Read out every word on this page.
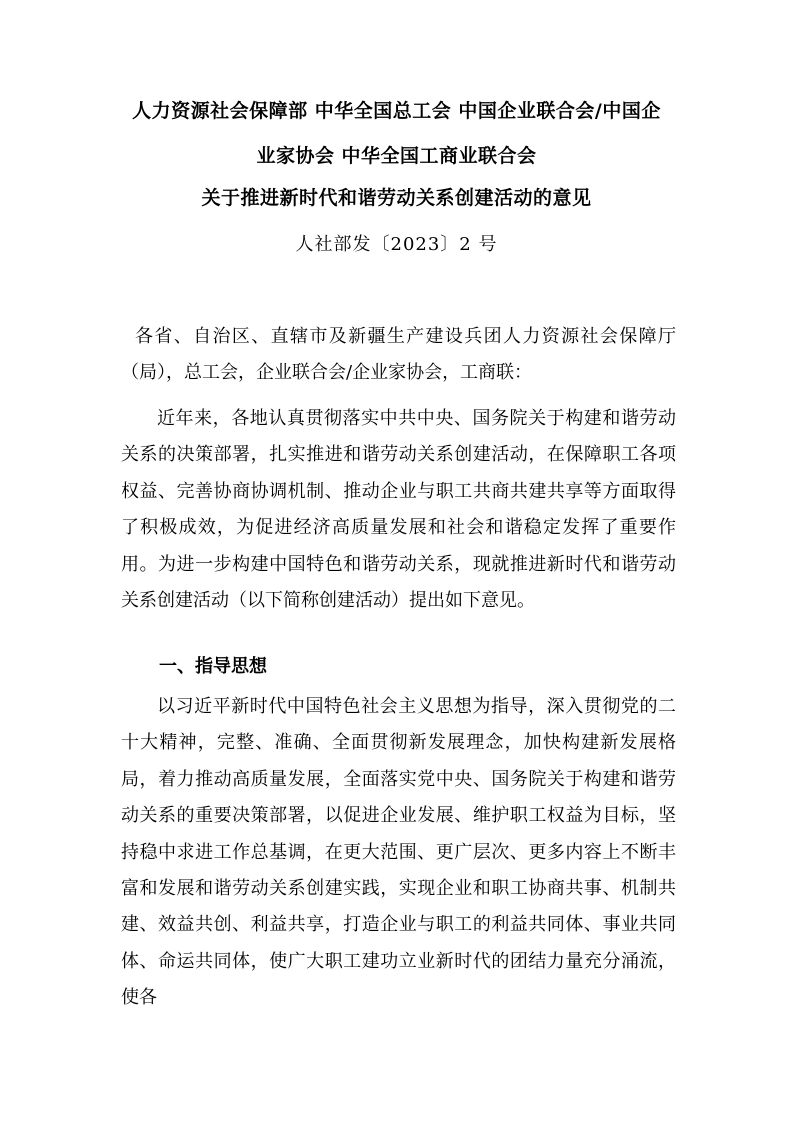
人力资源社会保障部 中华全国总工会 中国企业联合会/中国企
业家协会 中华全国工商业联合会
关于推进新时代和谐劳动关系创建活动的意见
人社部发〔2023〕2 号

各省、自治区、直辖市及新疆生产建设兵团人力资源社会保障厅（局），总工会，企业联合会/企业家协会，工商联：

近年来，各地认真贯彻落实中共中央、国务院关于构建和谐劳动关系的决策部署，扎实推进和谐劳动关系创建活动，在保障职工各项权益、完善协商协调机制、推动企业与职工共商共建共享等方面取得了积极成效，为促进经济高质量发展和社会和谐稳定发挥了重要作用。为进一步构建中国特色和谐劳动关系，现就推进新时代和谐劳动关系创建活动（以下简称创建活动）提出如下意见。

一、指导思想

以习近平新时代中国特色社会主义思想为指导，深入贯彻党的二十大精神，完整、准确、全面贯彻新发展理念，加快构建新发展格局，着力推动高质量发展，全面落实党中央、国务院关于构建和谐劳动关系的重要决策部署，以促进企业发展、维护职工权益为目标，坚持稳中求进工作总基调，在更大范围、更广层次、更多内容上不断丰富和发展和谐劳动关系创建实践，实现企业和职工协商共事、机制共建、效益共创、利益共享，打造企业与职工的利益共同体、事业共同体、命运共同体，使广大职工建功立业新时代的团结力量充分涌流，使各
